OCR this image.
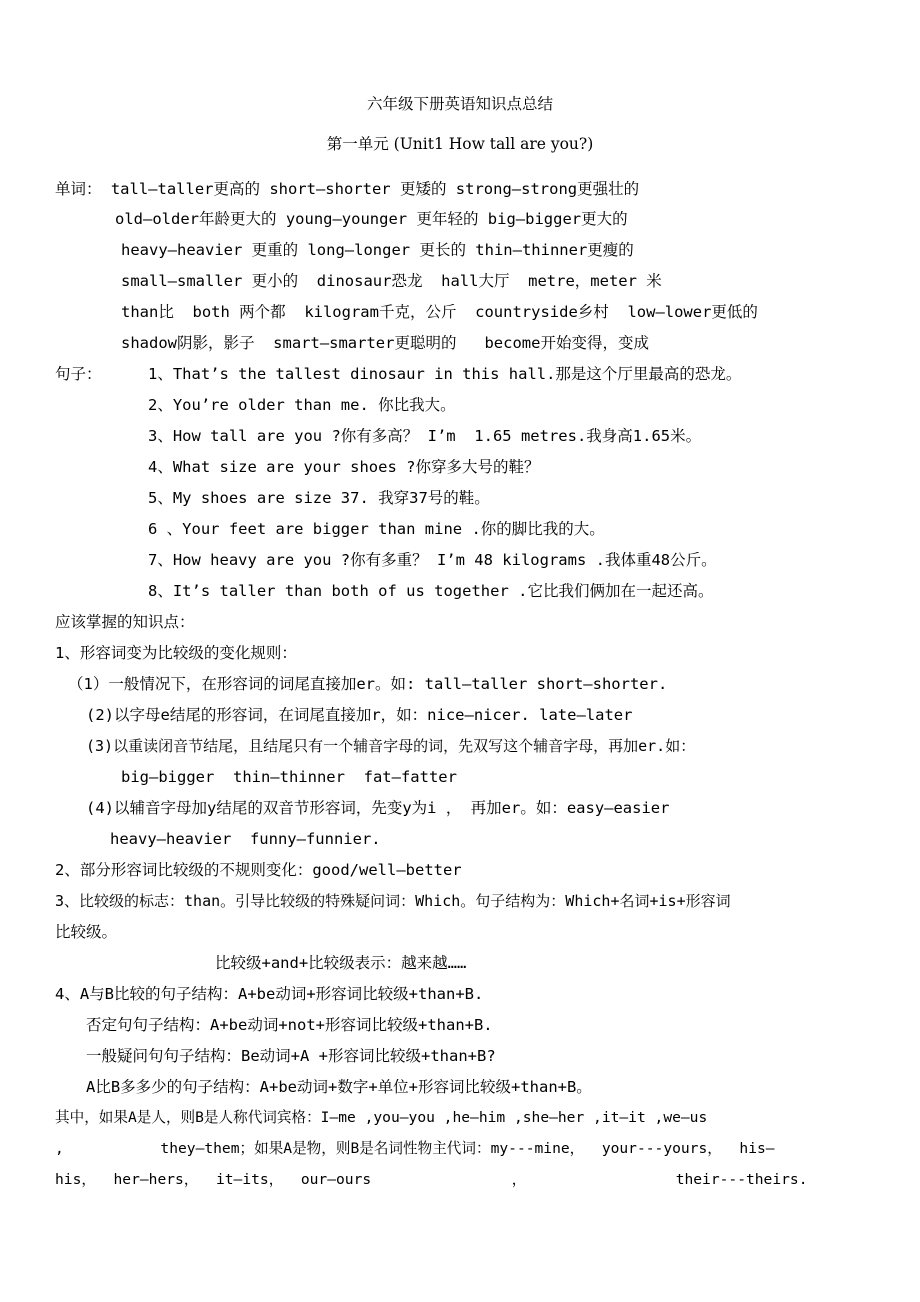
六年级下册英语知识点总结
第一单元 (Unit1 How tall are you?)
单词： tall—taller更高的 short—shorter 更矮的 strong—strong更强壮的
old—older年龄更大的 young—younger 更年轻的 big—bigger更大的
heavy—heavier 更重的 long—longer 更长的 thin—thinner更瘦的
small—smaller 更小的  dinosaur恐龙  hall大厅  metre，meter 米
than比  both 两个都  kilogram千克，公斤  countryside乡村  low—lower更低的
shadow阴影，影子  smart—smarter更聪明的   become开始变得，变成
句子：	1、That’s the tallest dinosaur in this hall.那是这个厅里最高的恐龙。
2、You’re older than me. 你比我大。
3、How tall are you ?你有多高？ I’m  1.65 metres.我身高1.65米。
4、What size are your shoes ?你穿多大号的鞋？
5、My shoes are size 37. 我穿37号的鞋。
6 、Your feet are bigger than mine .你的脚比我的大。
7、How heavy are you ?你有多重？ I’m 48 kilograms .我体重48公斤。
8、It’s taller than both of us together .它比我们俩加在一起还高。
应该掌握的知识点：
1、形容词变为比较级的变化规则：
（1）一般情况下，在形容词的词尾直接加er。如: tall—taller short—shorter.
(2)以字母e结尾的形容词，在词尾直接加r，如：nice—nicer. late—later
(3)以重读闭音节结尾，且结尾只有一个辅音字母的词，先双写这个辅音字母，再加er.如：
big—bigger  thin—thinner  fat—fatter
(4)以辅音字母加y结尾的双音节形容词，先变y为i ， 再加er。如：easy—easier
heavy—heavier  funny—funnier.
2、部分形容词比较级的不规则变化：good/well—better
3、比较级的标志：than。引导比较级的特殊疑问词：Which。句子结构为：Which+名词+is+形容词
比较级。
比较级+and+比较级表示：越来越……
4、A与B比较的句子结构：A+be动词+形容词比较级+than+B.
否定句句子结构：A+be动词+not+形容词比较级+than+B.
一般疑问句句子结构：Be动词+A +形容词比较级+than+B?
A比B多多少的句子结构：A+be动词+数字+单位+形容词比较级+than+B。
其中，如果A是人，则B是人称代词宾格：I—me ,you—you ,he—him ,she—her ,it—it ,we—us
,           they—them；如果A是物，则B是名词性物主代词：my---mine，  your---yours，  his—
his，  her—hers，  it—its，  our—ours                ，                 their---theirs.
